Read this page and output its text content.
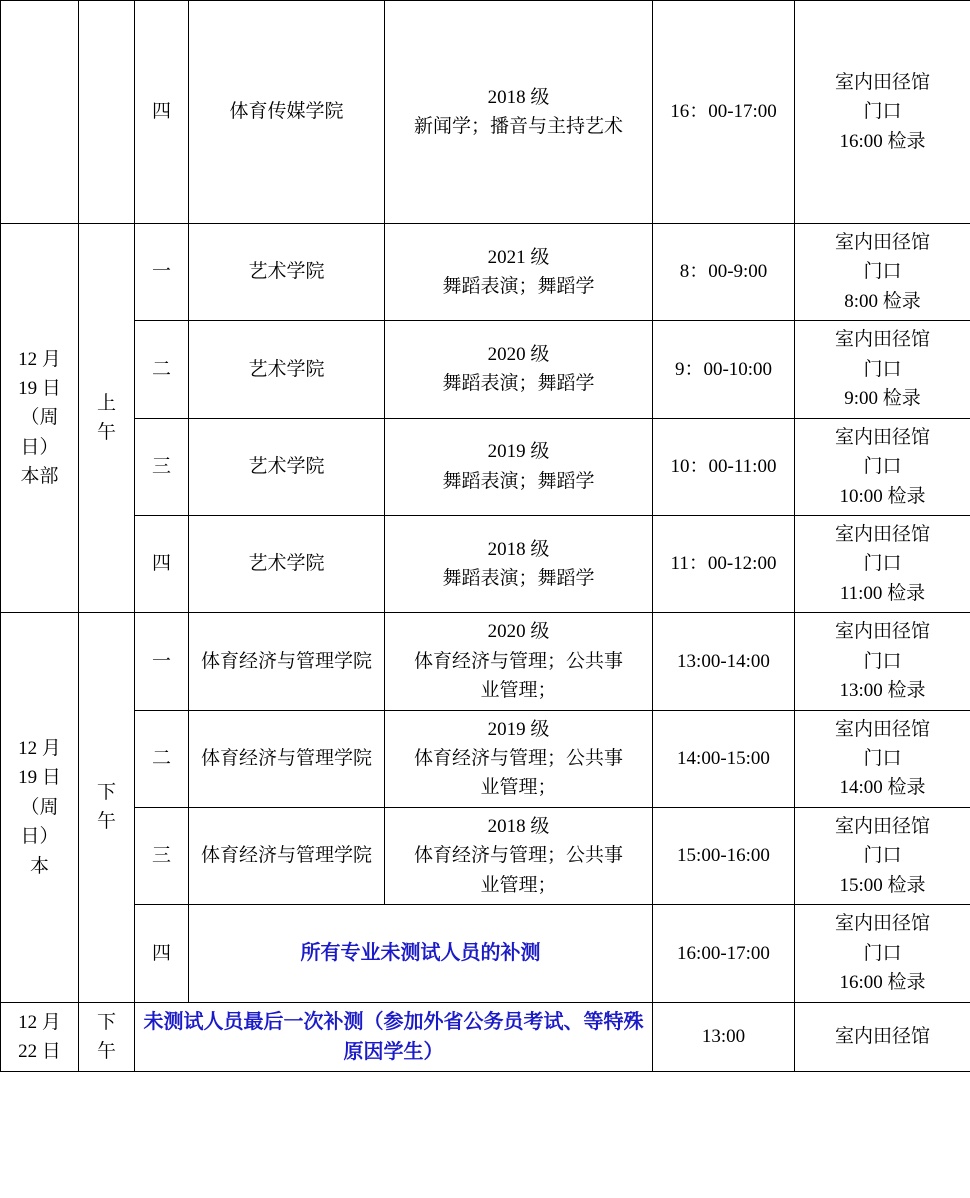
		四	体育传媒学院	2018 级
新闻学；播音与主持艺术	16：00-17:00	室内田径馆
门口
16:00 检录

12 月
19 日
（周
日）
本部	上
午	一	艺术学院	2021 级
舞蹈表演；舞蹈学	8：00-9:00	室内田径馆
门口
8:00 检录

		二	艺术学院	2020 级
舞蹈表演；舞蹈学	9：00-10:00	室内田径馆
门口
9:00 检录

		三	艺术学院	2019 级
舞蹈表演；舞蹈学	10：00-11:00	室内田径馆
门口
10:00 检录

		四	艺术学院	2018 级
舞蹈表演；舞蹈学	11：00-12:00	室内田径馆
门口
11:00 检录

12 月
19 日
（周
日）
本	下
午	一	体育经济与管理学院	2020 级
体育经济与管理；公共事
业管理；	13:00-14:00	室内田径馆
门口
13:00 检录

		二	体育经济与管理学院	2019 级
体育经济与管理；公共事
业管理；	14:00-15:00	室内田径馆
门口
14:00 检录

		三	体育经济与管理学院	2018 级
体育经济与管理；公共事
业管理；	15:00-16:00	室内田径馆
门口
15:00 检录

		四	所有专业未测试人员的补测		16:00-17:00	室内田径馆
门口
16:00 检录

12 月
22 日	下
午	未测试人员最后一次补测（参加外省公务员考试、等特殊原因学生）			13:00	室内田径馆
